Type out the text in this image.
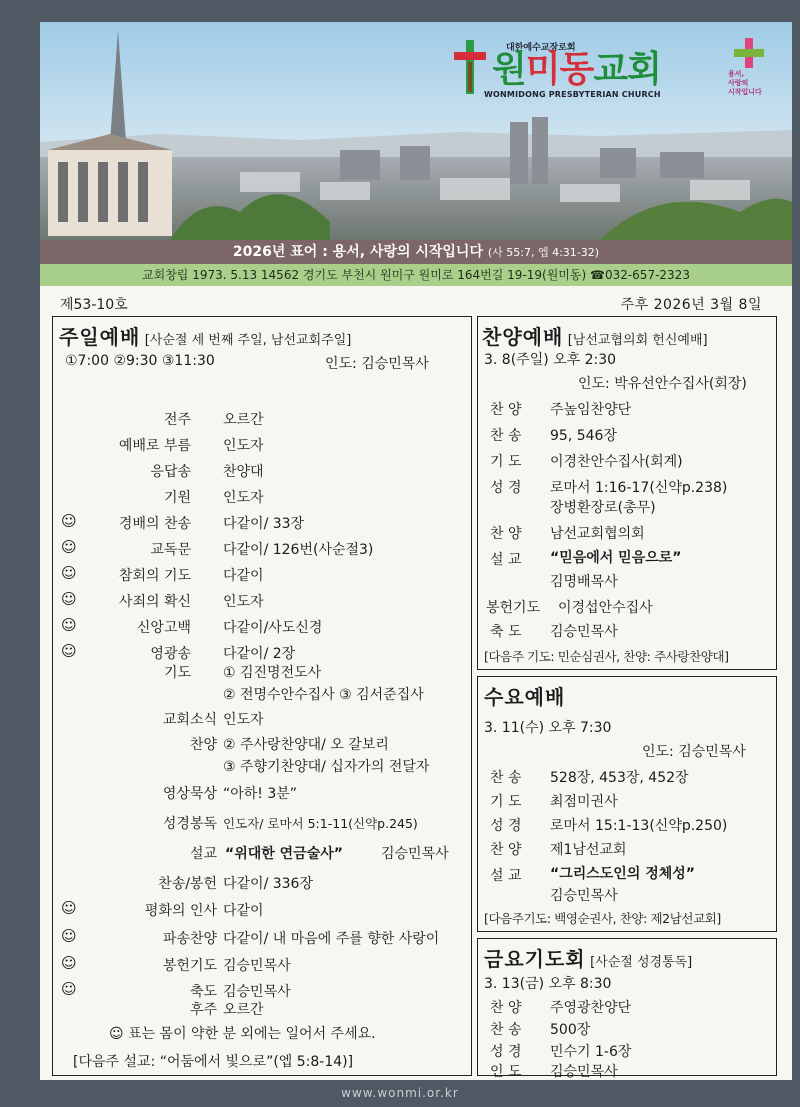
대한예수교장로회
원미동교회
WONMIDONG PRESBYTERIAN CHURCH
용서,
사랑의
시작입니다
2026년 표어 : 용서, 사랑의 시작입니다 (사 55:7, 엡 4:31-32)
교회창립 1973. 5.13 14562 경기도 부천시 원미구 원미로 164번길 19-19(원미동) ☎032-657-2323
제53-10호	주후 2026년 3월 8일
주일예배 [사순절 세 번째 주일, 남선교회주일]
①7:00 ②9:30 ③11:30	인도: 김승민목사
전주 오르간
예배로 부름 인도자
응답송 찬양대
기원 인도자
☺	경배의 찬송 다같이/ 33장
☺	교독문 다같이/ 126번(사순절3)
☺	참회의 기도 다같이
☺	사죄의 확신 인도자
☺	신앙고백 다같이/사도신경
☺	영광송 다같이/ 2장
기도 ① 김진명전도사
② 전명수안수집사 ③ 김서준집사
교회소식 인도자
찬양 ② 주사랑찬양대/ 오 갈보리
③ 주향기찬양대/ 십자가의 전달자
영상묵상 “아하! 3분”
성경봉독 인도자/ 로마서 5:1-11(신약p.245)
설교 “위대한 연금술사”	김승민목사
찬송/봉헌 다같이/ 336장
☺	평화의 인사 다같이
☺	파송찬양 다같이/ 내 마음에 주를 향한 사랑이
☺	봉헌기도 김승민목사
☺	축도 김승민목사
후주 오르간
☺ 표는 몸이 약한 분 외에는 일어서 주세요.
[다음주 설교: “어둠에서 빛으로”(엡 5:8-14)]
찬양예배 [남선교협의회 헌신예배]
3. 8(주일) 오후 2:30
인도: 박유선안수집사(회장)
찬 양 주높임찬양단
찬 송 95, 546장
기 도 이경찬안수집사(회계)
성 경 로마서 1:16-17(신약p.238)
장병환장로(총무)
찬 양 남선교회협의회
설 교 “믿음에서 믿음으로”
김명배목사
봉헌기도 이경섭안수집사
축 도 김승민목사
[다음주 기도: 민순심권사, 찬양: 주사랑찬양대]
수요예배
3. 11(수) 오후 7:30
인도: 김승민목사
찬 송 528장, 453장, 452장
기 도 최점미권사
성 경 로마서 15:1-13(신약p.250)
찬 양 제1남선교회
설 교 “그리스도인의 정체성”
김승민목사
[다음주기도: 백영순권사, 찬양: 제2남선교회]
금요기도회 [사순절 성경통독]
3. 13(금) 오후 8:30
찬 양 주영광찬양단
찬 송 500장
성 경 민수기 1-6장
인 도 김승민목사
www.wonmi.or.kr
